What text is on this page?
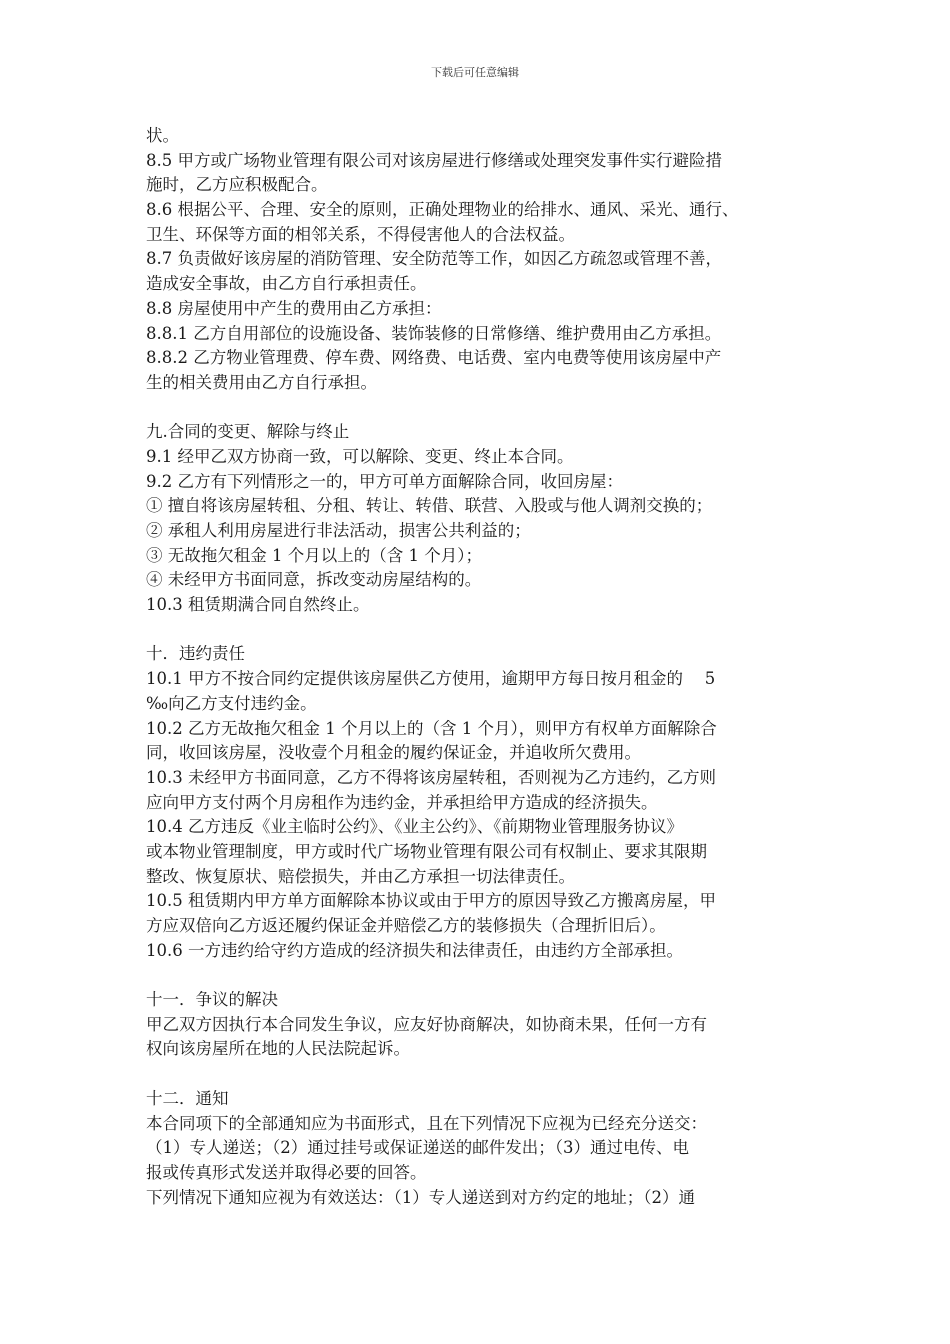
下载后可任意编辑
状。
8.5 甲方或广场物业管理有限公司对该房屋进行修缮或处理突发事件实行避险措
施时，乙方应积极配合。
8.6 根据公平、合理、安全的原则，正确处理物业的给排水、通风、采光、通行、
卫生、环保等方面的相邻关系，不得侵害他人的合法权益。
8.7 负责做好该房屋的消防管理、安全防范等工作，如因乙方疏忽或管理不善，
造成安全事故，由乙方自行承担责任。
8.8 房屋使用中产生的费用由乙方承担：
8.8.1 乙方自用部位的设施设备、装饰装修的日常修缮、维护费用由乙方承担。
8.8.2 乙方物业管理费、停车费、网络费、电话费、室内电费等使用该房屋中产
生的相关费用由乙方自行承担。
九.合同的变更、解除与终止
9.1 经甲乙双方协商一致，可以解除、变更、终止本合同。
9.2 乙方有下列情形之一的，甲方可单方面解除合同，收回房屋：
① 擅自将该房屋转租、分租、转让、转借、联营、入股或与他人调剂交换的；
② 承租人利用房屋进行非法活动，损害公共利益的；
③ 无故拖欠租金 1 个月以上的（含 1 个月）；
④ 未经甲方书面同意，拆改变动房屋结构的。
10.3 租赁期满合同自然终止。
十．违约责任
10.1 甲方不按合同约定提供该房屋供乙方使用，逾期甲方每日按月租金的　 5
‰向乙方支付违约金。
10.2 乙方无故拖欠租金 1 个月以上的（含 1 个月），则甲方有权单方面解除合
同，收回该房屋，没收壹个月租金的履约保证金，并追收所欠费用。
10.3 未经甲方书面同意，乙方不得将该房屋转租，否则视为乙方违约，乙方则
应向甲方支付两个月房租作为违约金，并承担给甲方造成的经济损失。
10.4 乙方违反《业主临时公约》、《业主公约》、《前期物业管理服务协议》
或本物业管理制度，甲方或时代广场物业管理有限公司有权制止、要求其限期
整改、恢复原状、赔偿损失，并由乙方承担一切法律责任。
10.5 租赁期内甲方单方面解除本协议或由于甲方的原因导致乙方搬离房屋，甲
方应双倍向乙方返还履约保证金并赔偿乙方的装修损失（合理折旧后）。
10.6 一方违约给守约方造成的经济损失和法律责任，由违约方全部承担。
十一．争议的解决
甲乙双方因执行本合同发生争议，应友好协商解决，如协商未果，任何一方有
权向该房屋所在地的人民法院起诉。
十二．通知
本合同项下的全部通知应为书面形式，且在下列情况下应视为已经充分送交：
（1）专人递送；（2）通过挂号或保证递送的邮件发出；（3）通过电传、电
报或传真形式发送并取得必要的回答。
下列情况下通知应视为有效送达：（1）专人递送到对方约定的地址；（2）通
